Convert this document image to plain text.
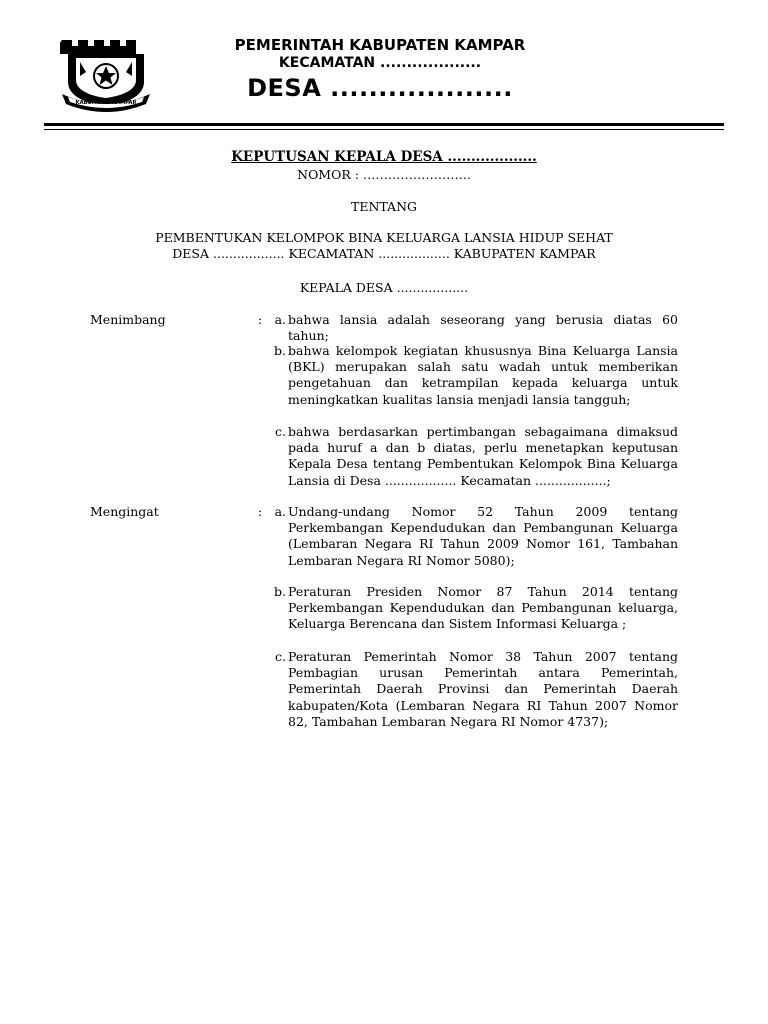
KABUPATEN KAMPAR
PEMERINTAH KABUPATEN KAMPAR
KECAMATAN ...................
DESA ...................
KEPUTUSAN KEPALA DESA ...................
NOMOR : ……………………..
TENTANG
PEMBENTUKAN KELOMPOK BINA KELUARGA LANSIA HIDUP SEHAT
DESA .................. KECAMATAN .................. KABUPATEN KAMPAR
KEPALA DESA ..................
Menimbang	: a. bahwa lansia adalah seseorang yang berusia diatas 60 tahun;
b. bahwa kelompok kegiatan khususnya Bina Keluarga Lansia (BKL) merupakan salah satu wadah untuk memberikan pengetahuan dan ketrampilan kepada keluarga untuk meningkatkan kualitas lansia menjadi lansia tangguh;
c. bahwa berdasarkan pertimbangan sebagaimana dimaksud pada huruf a dan b diatas, perlu menetapkan keputusan Kepala Desa tentang Pembentukan Kelompok Bina Keluarga Lansia di Desa .................. Kecamatan ..................;
Mengingat	: a. Undang-undang Nomor 52 Tahun 2009 tentang Perkembangan Kependudukan dan Pembangunan Keluarga (Lembaran Negara RI Tahun 2009 Nomor 161, Tambahan Lembaran Negara RI Nomor 5080);
b. Peraturan Presiden Nomor 87 Tahun 2014 tentang Perkembangan Kependudukan dan Pembangunan keluarga, Keluarga Berencana dan Sistem Informasi Keluarga ;
c. Peraturan Pemerintah Nomor 38 Tahun 2007 tentang Pembagian urusan Pemerintah antara Pemerintah, Pemerintah Daerah Provinsi dan Pemerintah Daerah kabupaten/Kota (Lembaran Negara RI Tahun 2007 Nomor 82, Tambahan Lembaran Negara RI Nomor 4737);
